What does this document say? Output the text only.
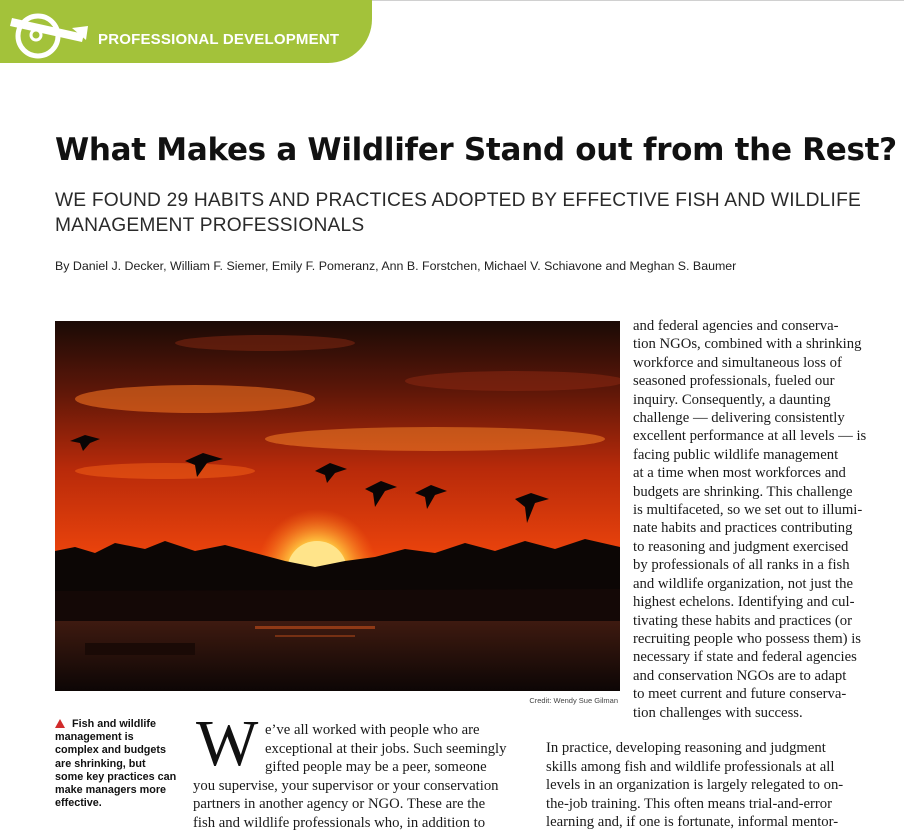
PROFESSIONAL DEVELOPMENT
What Makes a Wildlifer Stand out from the Rest?
WE FOUND 29 HABITS AND PRACTICES ADOPTED BY EFFECTIVE FISH AND WILDLIFE MANAGEMENT PROFESSIONALS
By Daniel J. Decker, William F. Siemer, Emily F. Pomeranz, Ann B. Forstchen, Michael V. Schiavone and Meghan S. Baumer
Credit: Wendy Sue Gilman
and federal agencies and conserva-
tion NGOs, combined with a shrinking
workforce and simultaneous loss of
seasoned professionals, fueled our
inquiry. Consequently, a daunting
challenge — delivering consistently
excellent performance at all levels — is
facing public wildlife management
at a time when most workforces and
budgets are shrinking. This challenge
is multifaceted, so we set out to illumi-
nate habits and practices contributing
to reasoning and judgment exercised
by professionals of all ranks in a fish
and wildlife organization, not just the
highest echelons. Identifying and cul-
tivating these habits and practices (or
recruiting people who possess them) is
necessary if state and federal agencies
and conservation NGOs are to adapt
to meet current and future conserva-
tion challenges with success.
Fish and wildlife
management is
complex and budgets
are shrinking, but
some key practices can
make managers more
effective.
W e’ve all worked with people who are
exceptional at their jobs. Such seemingly
gifted people may be a peer, someone
you supervise, your supervisor or your conservation
partners in another agency or NGO. These are the
fish and wildlife professionals who, in addition to
In practice, developing reasoning and judgment
skills among fish and wildlife professionals at all
levels in an organization is largely relegated to on-
the-job training. This often means trial-and-error
learning and, if one is fortunate, informal mentor-
